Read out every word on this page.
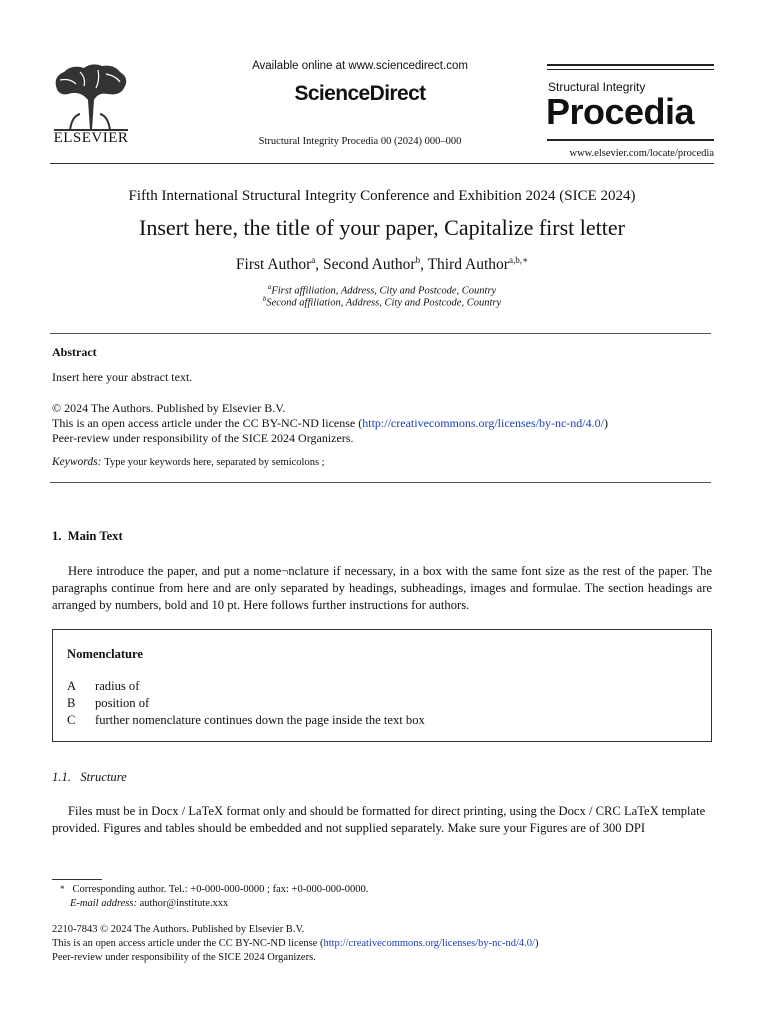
ELSEVIER
Available online at www.sciencedirect.com
ScienceDirect
Structural Integrity Procedia 00 (2024) 000–000
Structural Integrity
Procedia
www.elsevier.com/locate/procedia
Fifth International Structural Integrity Conference and Exhibition 2024 (SICE 2024)
Insert here, the title of your paper, Capitalize first letter
First Author$^a$, Second Author$^b$, Third Author$^{a,b,∗}$
$^a$First affiliation, Address, City and Postcode, Country
$^b$Second affiliation, Address, City and Postcode, Country
Abstract
Insert here your abstract text.
© 2024 The Authors. Published by Elsevier B.V.
This is an open access article under the CC BY-NC-ND license (http://creativecommons.org/licenses/by-nc-nd/4.0/)
Peer-review under responsibility of the SICE 2024 Organizers.
Keywords: Type your keywords here, separated by semicolons ;
1.  Main Text
Here introduce the paper, and put a nome¬nclature if necessary, in a box with the same font size as the rest of the paper. The paragraphs continue from here and are only separated by headings, subheadings, images and formulae. The section headings are arranged by numbers, bold and 10 pt. Here follows further instructions for authors.
Nomenclature
A radius of
B position of
C further nomenclature continues down the page inside the text box
1.1.   Structure
Files must be in Docx / LaTeX format only and should be formatted for direct printing, using the Docx / CRC LaTeX template provided. Figures and tables should be embedded and not supplied separately. Make sure your Figures are of 300 DPI
* Corresponding author. Tel.: +0-000-000-0000 ; fax: +0-000-000-0000.
E-mail address: author@institute.xxx
2210-7843 © 2024 The Authors. Published by Elsevier B.V.
This is an open access article under the CC BY-NC-ND license (http://creativecommons.org/licenses/by-nc-nd/4.0/)
Peer-review under responsibility of the SICE 2024 Organizers.
